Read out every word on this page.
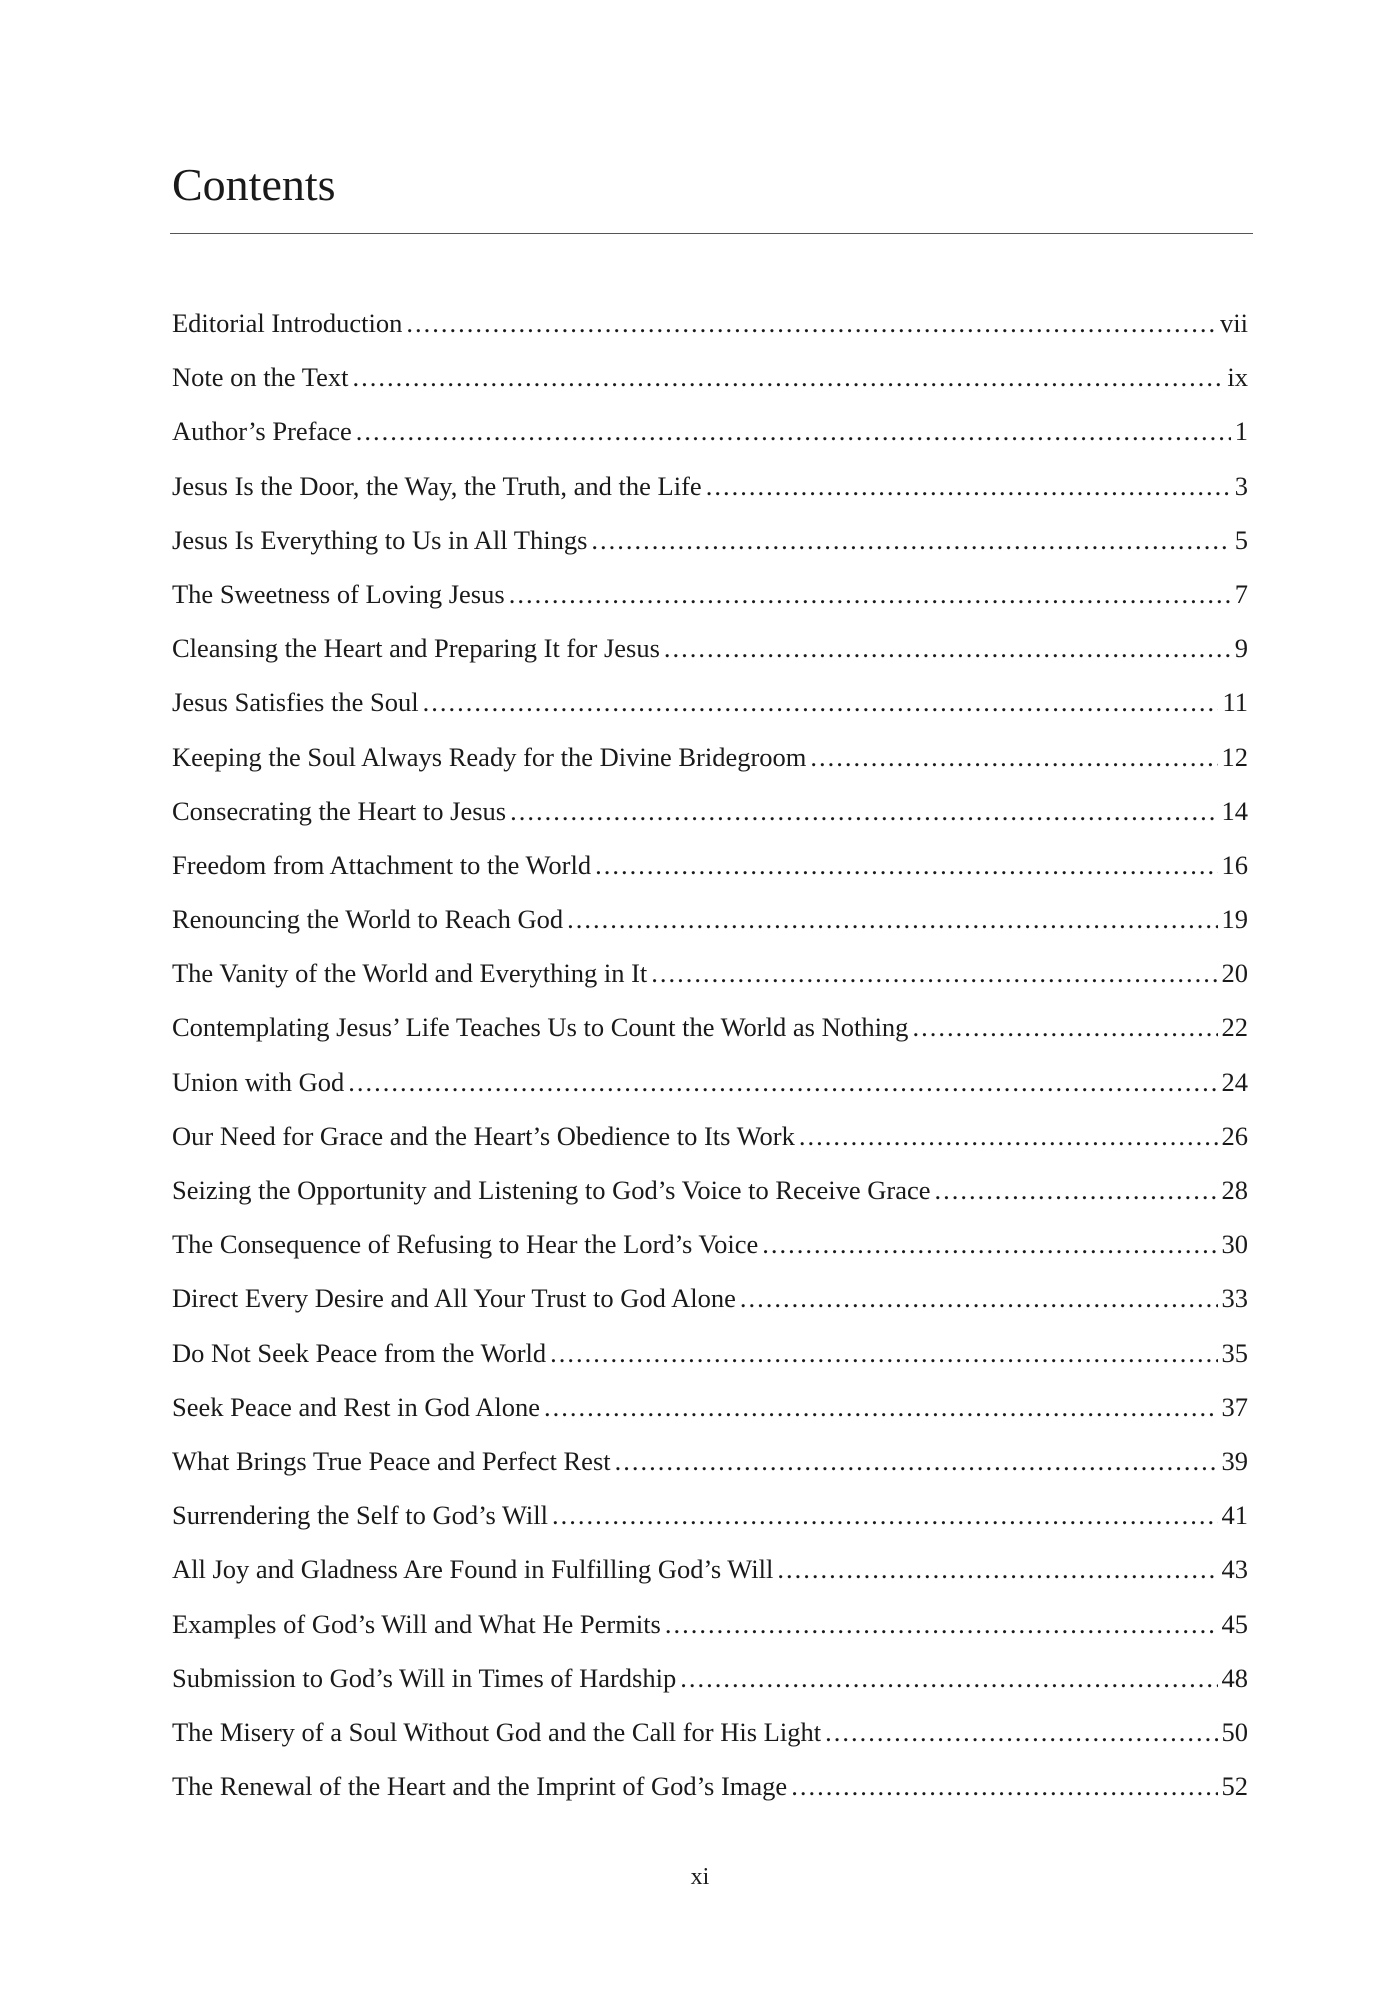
Contents
Editorial Introduction .....	vii
Note on the Text .....	ix
Author’s Preface .....	1
Jesus Is the Door, the Way, the Truth, and the Life .....	3
Jesus Is Everything to Us in All Things .....	5
The Sweetness of Loving Jesus .....	7
Cleansing the Heart and Preparing It for Jesus .....	9
Jesus Satisfies the Soul .....	11
Keeping the Soul Always Ready for the Divine Bridegroom .....	12
Consecrating the Heart to Jesus .....	14
Freedom from Attachment to the World .....	16
Renouncing the World to Reach God .....	19
The Vanity of the World and Everything in It .....	20
Contemplating Jesus’ Life Teaches Us to Count the World as Nothing .....	22
Union with God .....	24
Our Need for Grace and the Heart’s Obedience to Its Work .....	26
Seizing the Opportunity and Listening to God’s Voice to Receive Grace .....	28
The Consequence of Refusing to Hear the Lord’s Voice .....	30
Direct Every Desire and All Your Trust to God Alone .....	33
Do Not Seek Peace from the World .....	35
Seek Peace and Rest in God Alone .....	37
What Brings True Peace and Perfect Rest .....	39
Surrendering the Self to God’s Will .....	41
All Joy and Gladness Are Found in Fulfilling God’s Will .....	43
Examples of God’s Will and What He Permits .....	45
Submission to God’s Will in Times of Hardship .....	48
The Misery of a Soul Without God and the Call for His Light .....	50
The Renewal of the Heart and the Imprint of God’s Image .....	52
xi
